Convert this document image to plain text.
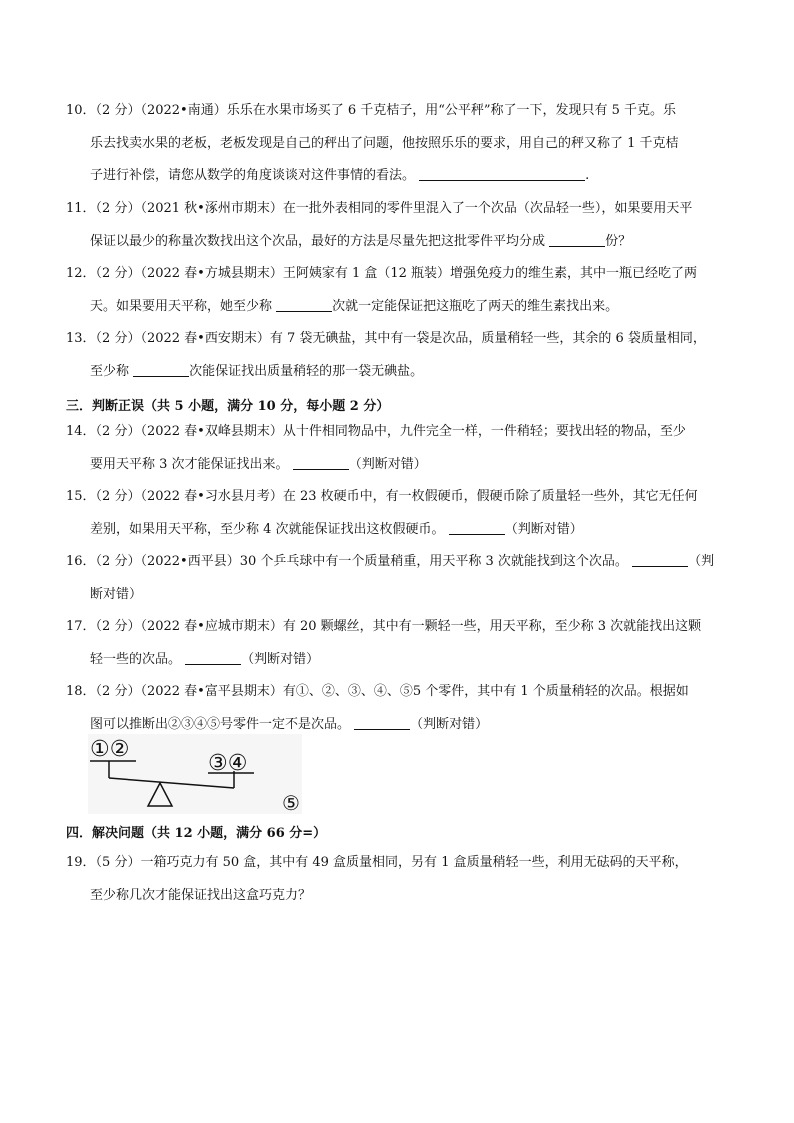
10．（2 分）（2022•南通）乐乐在水果市场买了 6 千克桔子，用“公平秤”称了一下，发现只有 5 千克。乐
乐去找卖水果的老板，老板发现是自己的秤出了问题，他按照乐乐的要求，用自己的秤又称了 1 千克桔
子进行补偿，请您从数学的角度谈谈对这件事情的看法。	.
11．（2 分）（2021 秋•涿州市期末）在一批外表相同的零件里混入了一个次品（次品轻一些），如果要用天平
保证以最少的称量次数找出这个次品，最好的方法是尽量先把这批零件平均分成	份？
12．（2 分）（2022 春•方城县期末）王阿姨家有 1 盒（12 瓶装）增强免疫力的维生素，其中一瓶已经吃了两
天。如果要用天平称，她至少称	次就一定能保证把这瓶吃了两天的维生素找出来。
13．（2 分）（2022 春•西安期末）有 7 袋无碘盐，其中有一袋是次品，质量稍轻一些，其余的 6 袋质量相同，
至少称	次能保证找出质量稍轻的那一袋无碘盐。
三．判断正误（共 5 小题，满分 10 分，每小题 2 分）
14．（2 分）（2022 春•双峰县期末）从十件相同物品中，九件完全一样，一件稍轻；要找出轻的物品，至少
要用天平称 3 次才能保证找出来。	（判断对错）
15．（2 分）（2022 春•习水县月考）在 23 枚硬币中，有一枚假硬币，假硬币除了质量轻一些外，其它无任何
差别，如果用天平称，至少称 4 次就能保证找出这枚假硬币。	（判断对错）
16．（2 分）（2022•西平县）30 个乒乓球中有一个质量稍重，用天平称 3 次就能找到这个次品。	（判
断对错）
17．（2 分）（2022 春•应城市期末）有 20 颗螺丝，其中有一颗轻一些，用天平称，至少称 3 次就能找出这颗
轻一些的次品。	（判断对错）
18．（2 分）（2022 春•富平县期末）有①、②、③、④、⑤5 个零件，其中有 1 个质量稍轻的次品。根据如
图可以推断出②③④⑤号零件一定不是次品。	（判断对错）
①②
③④
⑤
四．解决问题（共 12 小题，满分 66 分=）
19．（5 分）一箱巧克力有 50 盒，其中有 49 盒质量相同，另有 1 盒质量稍轻一些，利用无砝码的天平称，
至少称几次才能保证找出这盒巧克力？
